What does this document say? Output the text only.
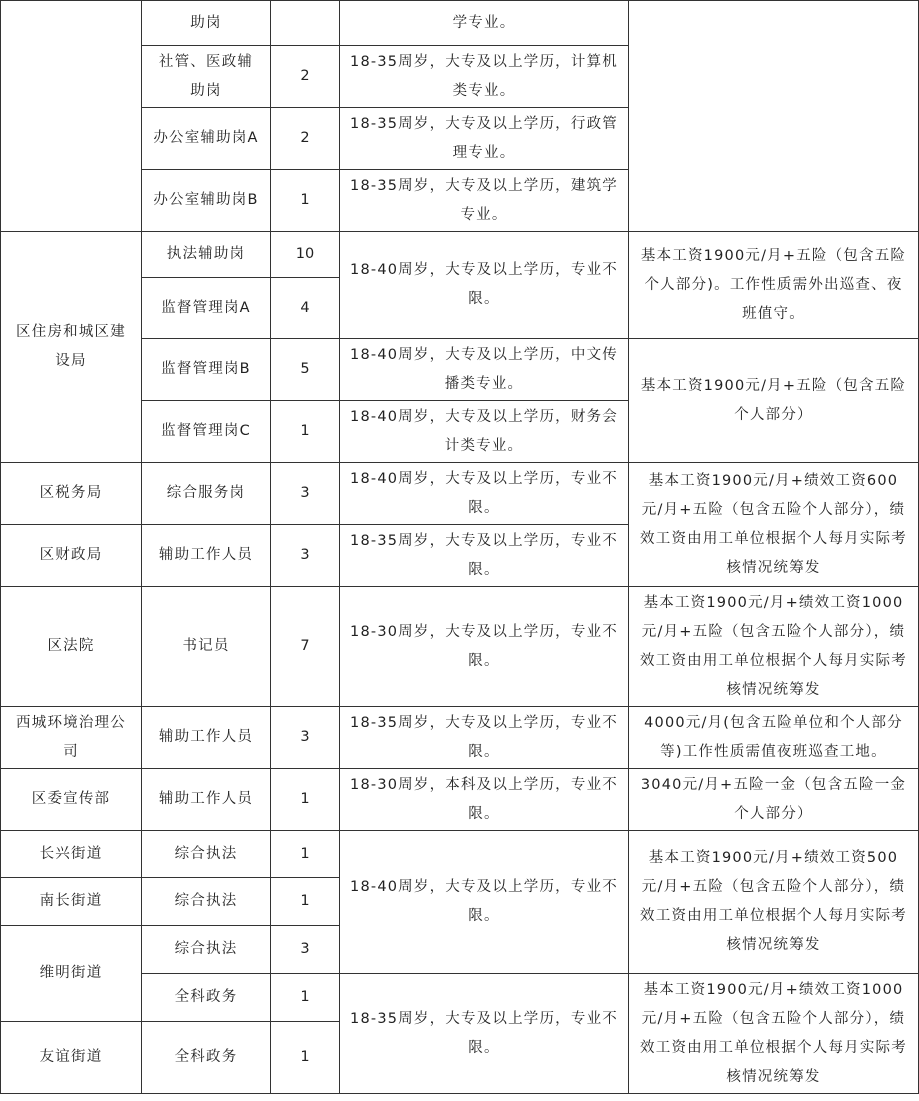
	助岗		学专业。	
	社管、医政辅助岗	2	18-35周岁，大专及以上学历，计算机类专业。	
	办公室辅助岗A	2	18-35周岁，大专及以上学历，行政管理专业。	
	办公室辅助岗B	1	18-35周岁，大专及以上学历，建筑学专业。	
区住房和城区建设局	执法辅助岗	10	18-40周岁，大专及以上学历，专业不限。	基本工资1900元/月+五险（包含五险个人部分)。工作性质需外出巡查、夜班值守。
	监督管理岗A	4		
	监督管理岗B	5	18-40周岁，大专及以上学历，中文传播类专业。	基本工资1900元/月+五险（包含五险个人部分）
	监督管理岗C	1	18-40周岁，大专及以上学历，财务会计类专业。	
区税务局	综合服务岗	3	18-40周岁，大专及以上学历，专业不限。	基本工资1900元/月+绩效工资600元/月+五险（包含五险个人部分），绩效工资由用工单位根据个人每月实际考核情况统筹发
区财政局	辅助工作人员	3	18-35周岁，大专及以上学历，专业不限。	
区法院	书记员	7	18-30周岁，大专及以上学历，专业不限。	基本工资1900元/月+绩效工资1000元/月+五险（包含五险个人部分），绩效工资由用工单位根据个人每月实际考核情况统筹发
西城环境治理公司	辅助工作人员	3	18-35周岁，大专及以上学历，专业不限。	4000元/月(包含五险单位和个人部分等)工作性质需值夜班巡查工地。
区委宣传部	辅助工作人员	1	18-30周岁，本科及以上学历，专业不限。	3040元/月+五险一金（包含五险一金个人部分）
长兴街道	综合执法	1	18-40周岁，大专及以上学历，专业不限。	基本工资1900元/月+绩效工资500元/月+五险（包含五险个人部分），绩效工资由用工单位根据个人每月实际考核情况统筹发
南长街道	综合执法	1		
维明街道	综合执法	3		
	全科政务	1	18-35周岁，大专及以上学历，专业不限。	基本工资1900元/月+绩效工资1000元/月+五险（包含五险个人部分），绩效工资由用工单位根据个人每月实际考核情况统筹发
友谊街道	全科政务	1		
